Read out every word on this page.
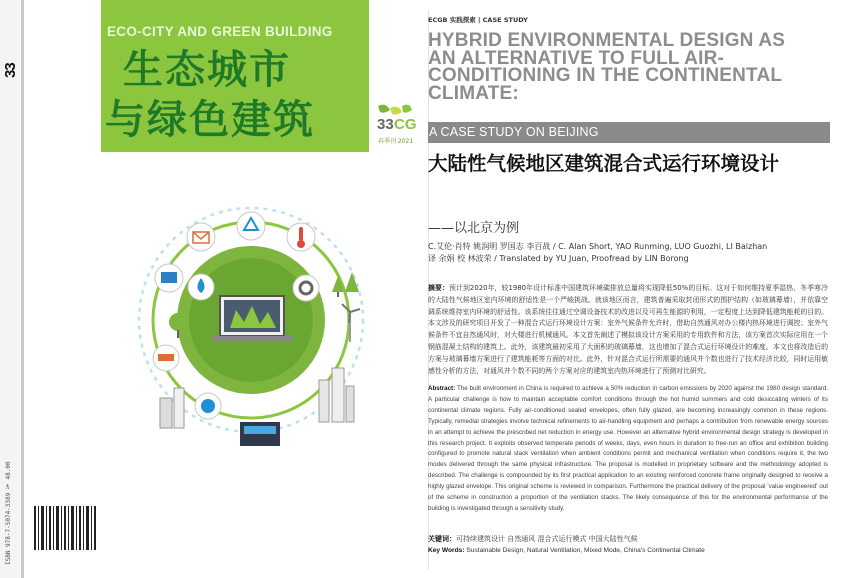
33
ISBN 978-7-5074-3389 ￥ 48.00
ECO-CITY AND GREEN BUILDING
生态城市
与绿色建筑	33 CG
春季刊 2021
ECGB 实践探索 | CASE STUDY
HYBRID ENVIRONMENTAL DESIGN AS AN ALTERNATIVE TO FULL AIR-CONDITIONING IN THE CONTINENTAL CLIMATE:
A CASE STUDY ON BEIJING
大陆性气候地区建筑混合式运行环境设计
——以北京为例
C.艾伦·肖特 姚润明 罗国志 李百战 / C. Alan Short, YAO Runming, LUO Guozhi, LI Baizhan
译 余娟 校 林波荣 / Translated by YU Juan, Proofread by LIN Borong
摘要：预计到2020年，较1980年设计标准中国建筑环境碳排放总量将实现降低50%的目标。这对于如何维持夏季湿热、冬季寒冷的大陆性气候地区室内环境的舒适性是一个严峻挑战。就该地区而言，建筑普遍采取封闭形式的围护结构（如玻璃幕墙），并依靠空调系统维持室内环境的舒适性。该系统往往通过空调设备技术的改进以及可再生能源的利用，一定程度上达到降低建筑能耗的目的。本文涉及的研究项目开发了一种混合式运行环境设计方案：室外气候条件允许时，借助自然通风对办公楼内热环境进行调控；室外气候条件不宜自然通风时，对大楼进行机械通风。本文首先阐述了模拟该设计方案采用的专用软件和方法，该方案首次实际应用在一个钢筋混凝土结构的建筑上。此外，该建筑最初采用了大面积的玻璃幕墙，这也增加了混合式运行环境设计的难度。本文也将改造后的方案与玻璃幕墙方案进行了建筑能耗等方面的对比。此外，针对混合式运行所需要的通风井个数也进行了技术经济比较，同时运用敏感性分析的方法，对通风井个数不同的两个方案对应的建筑室内热环境进行了预测对比研究。
Abstract: The built environment in China is required to achieve a 50% reduction in carbon emissions by 2020 against the 1980 design standard. A particular challenge is how to maintain acceptable comfort conditions through the hot humid summers and cold desiccating winters of its continental climate regions. Fully air-conditioned sealed envelopes, often fully glazed, are becoming increasingly common in these regions. Typically, remedial strategies involve technical refinements to air-handling equipment and perhaps a contribution from renewable energy sources in an attempt to achieve the prescribed net reduction in energy use. However an alternative hybrid environmental design strategy is developed in this research project. It exploits observed temperate periods of weeks, days, even hours in duration to free-run an office and exhibition building configured to promote natural stack ventilation when ambient conditions permit and mechanical ventilation when conditions require it, the two modes delivered through the same physical infrastructure. The proposal is modelled in proprietary software and the methodology adopted is described. The challenge is compounded by its first practical application to an existing reinforced concrete frame originally designed to receive a highly glazed envelope. This original scheme is reviewed in comparison. Furthermore the practical delivery of the proposal 'value engineered' out of the scheme in construction a proportion of the ventilation stacks. The likely consequence of this for the environmental performance of the building is investigated through a sensitivity study.
关键词：可持续建筑设计 自然通风 混合式运行模式 中国大陆性气候
Key Words: Sustainable Design, Natural Ventilation, Mixed Mode, China's Continental Climate
